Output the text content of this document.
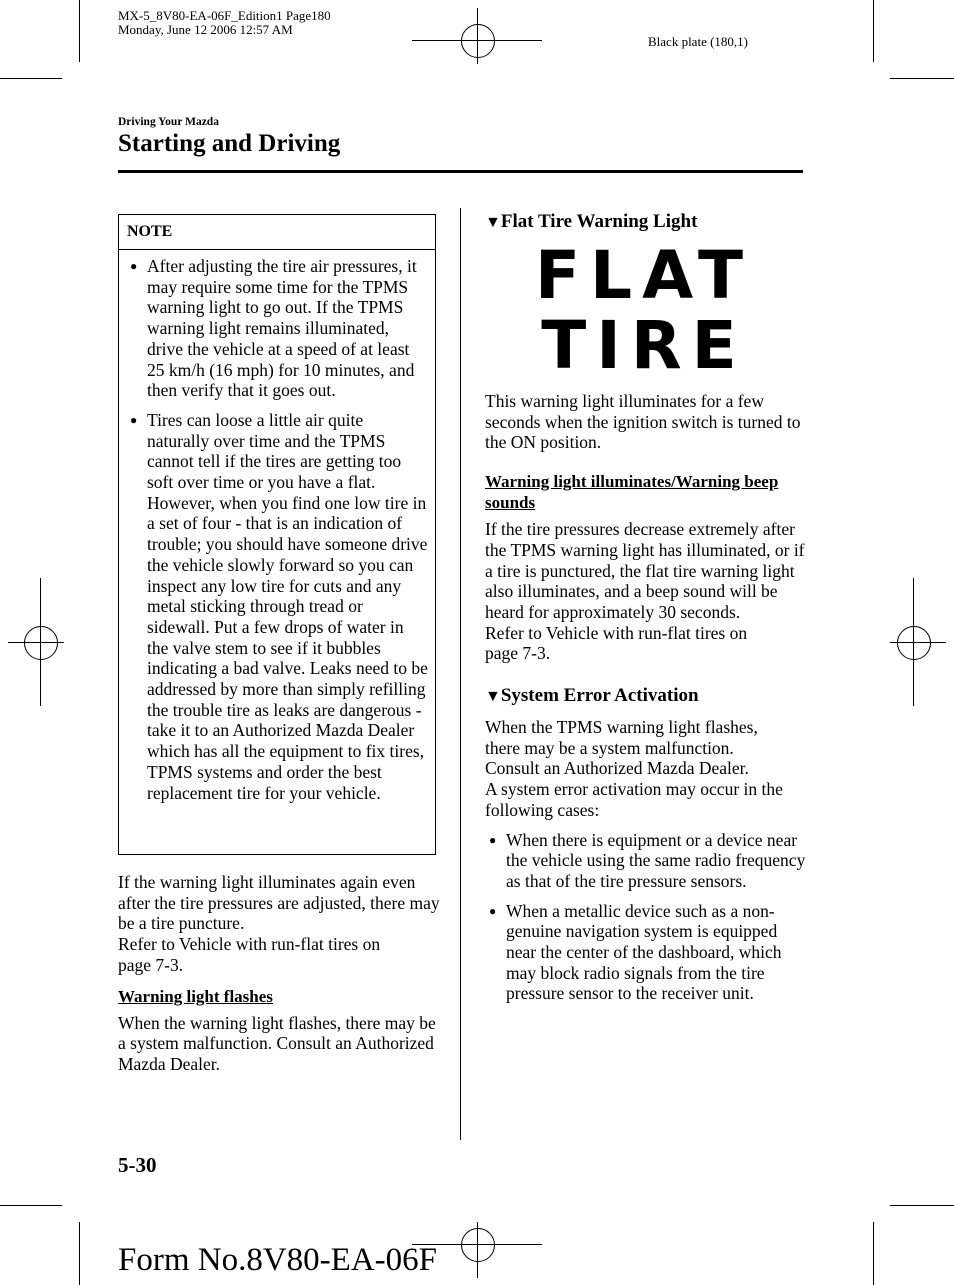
MX-5_8V80-EA-06F_Edition1 Page180
Monday, June 12 2006 12:57 AM
Black plate (180,1)
Driving Your Mazda
Starting and Driving
NOTE

● After adjusting the tire air pressures, it may require some time for the TPMS warning light to go out. If the TPMS warning light remains illuminated, drive the vehicle at a speed of at least 25 km/h (16 mph) for 10 minutes, and then verify that it goes out.

● Tires can loose a little air quite naturally over time and the TPMS cannot tell if the tires are getting too soft over time or you have a flat. However, when you find one low tire in a set of four - that is an indication of trouble; you should have someone drive the vehicle slowly forward so you can inspect any low tire for cuts and any metal sticking through tread or sidewall. Put a few drops of water in the valve stem to see if it bubbles indicating a bad valve. Leaks need to be addressed by more than simply refilling the trouble tire as leaks are dangerous - take it to an Authorized Mazda Dealer which has all the equipment to fix tires, TPMS systems and order the best replacement tire for your vehicle.

If the warning light illuminates again even after the tire pressures are adjusted, there may be a tire puncture.

Refer to Vehicle with run-flat tires on page 7-3.

Warning light flashes

When the warning light flashes, there may be a system malfunction. Consult an Authorized Mazda Dealer.

▼Flat Tire Warning Light

FLAT
TIRE

This warning light illuminates for a few seconds when the ignition switch is turned to the ON position.

Warning light illuminates/Warning beep sounds

If the tire pressures decrease extremely after the TPMS warning light has illuminated, or if a tire is punctured, the flat tire warning light also illuminates, and a beep sound will be heard for approximately 30 seconds.

Refer to Vehicle with run-flat tires on page 7-3.

▼System Error Activation

When the TPMS warning light flashes, there may be a system malfunction. Consult an Authorized Mazda Dealer.

A system error activation may occur in the following cases:

● When there is equipment or a device near the vehicle using the same radio frequency as that of the tire pressure sensors.

● When a metallic device such as a non-genuine navigation system is equipped near the center of the dashboard, which may block radio signals from the tire pressure sensor to the receiver unit.

5-30
Form No.8V80-EA-06F
